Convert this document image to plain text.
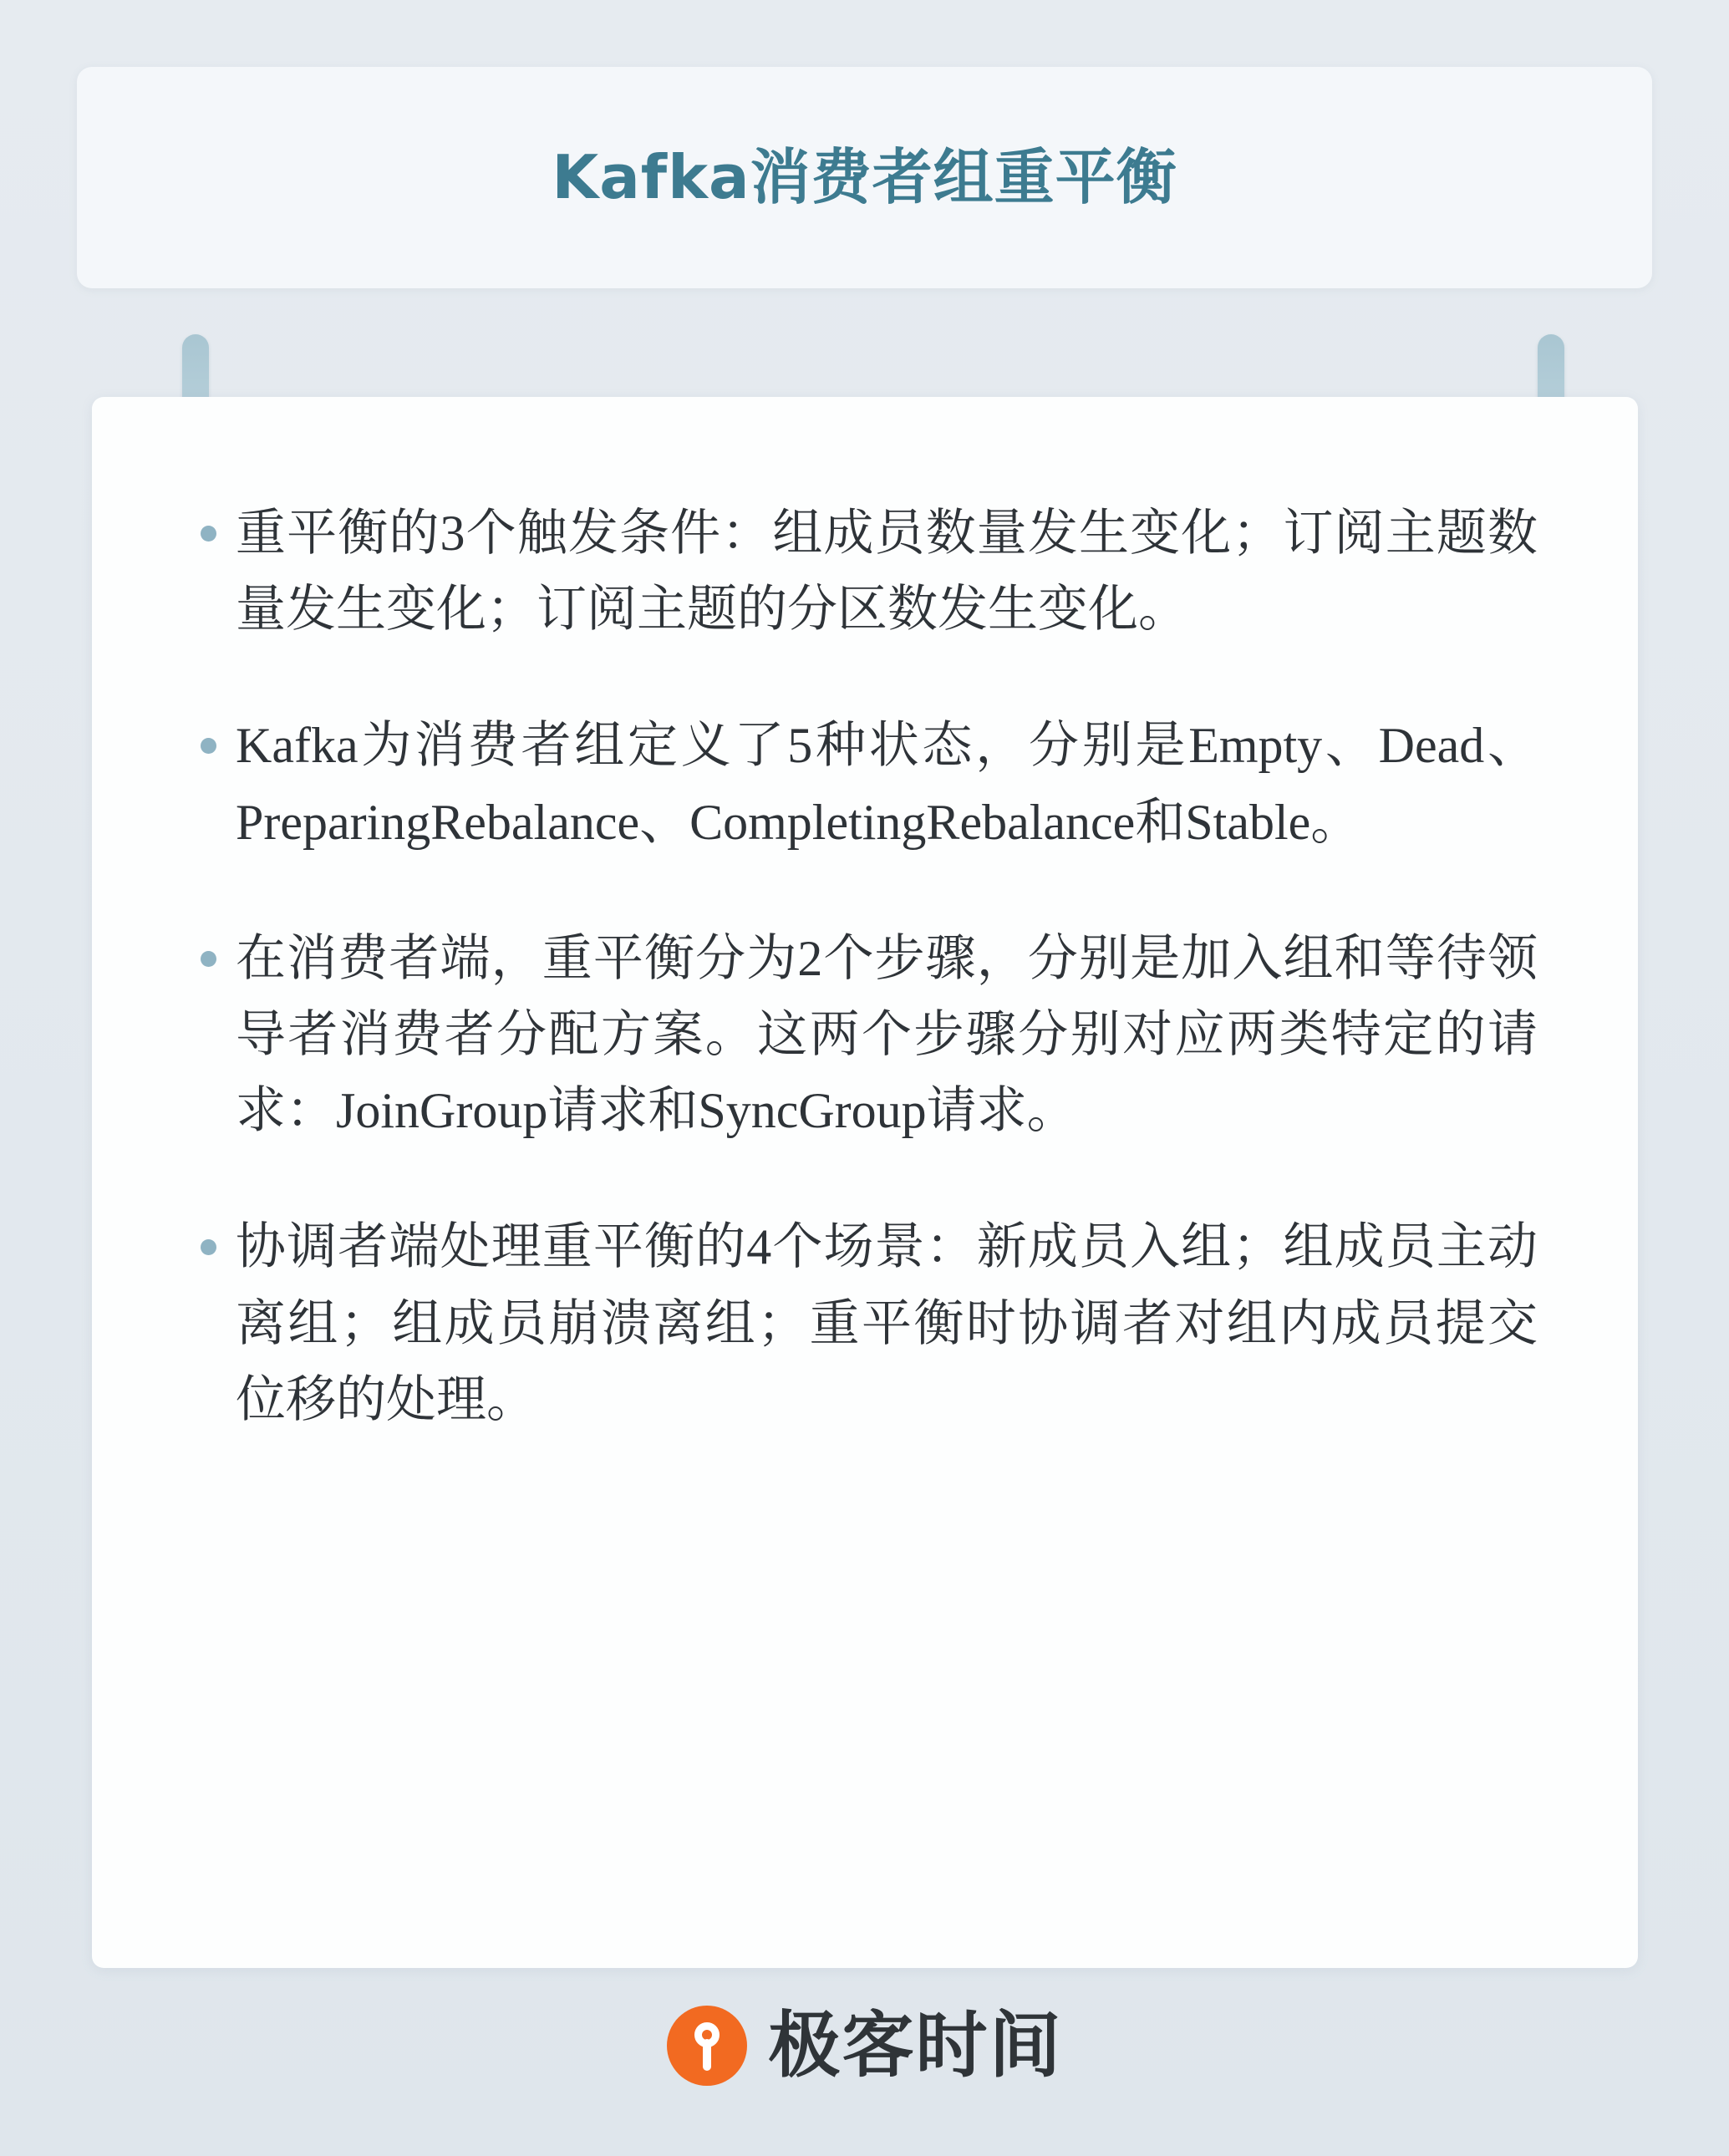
Kafka消费者组重平衡
重平衡的3个触发条件：组成员数量发生变化；订阅主题数量发生变化；订阅主题的分区数发生变化。
Kafka为消费者组定义了5种状态，分别是Empty、Dead、PreparingRebalance、CompletingRebalance和Stable。
在消费者端，重平衡分为2个步骤，分别是加入组和等待领导者消费者分配方案。这两个步骤分别对应两类特定的请求：JoinGroup请求和SyncGroup请求。
协调者端处理重平衡的4个场景：新成员入组；组成员主动离组；组成员崩溃离组；重平衡时协调者对组内成员提交位移的处理。
极客时间
